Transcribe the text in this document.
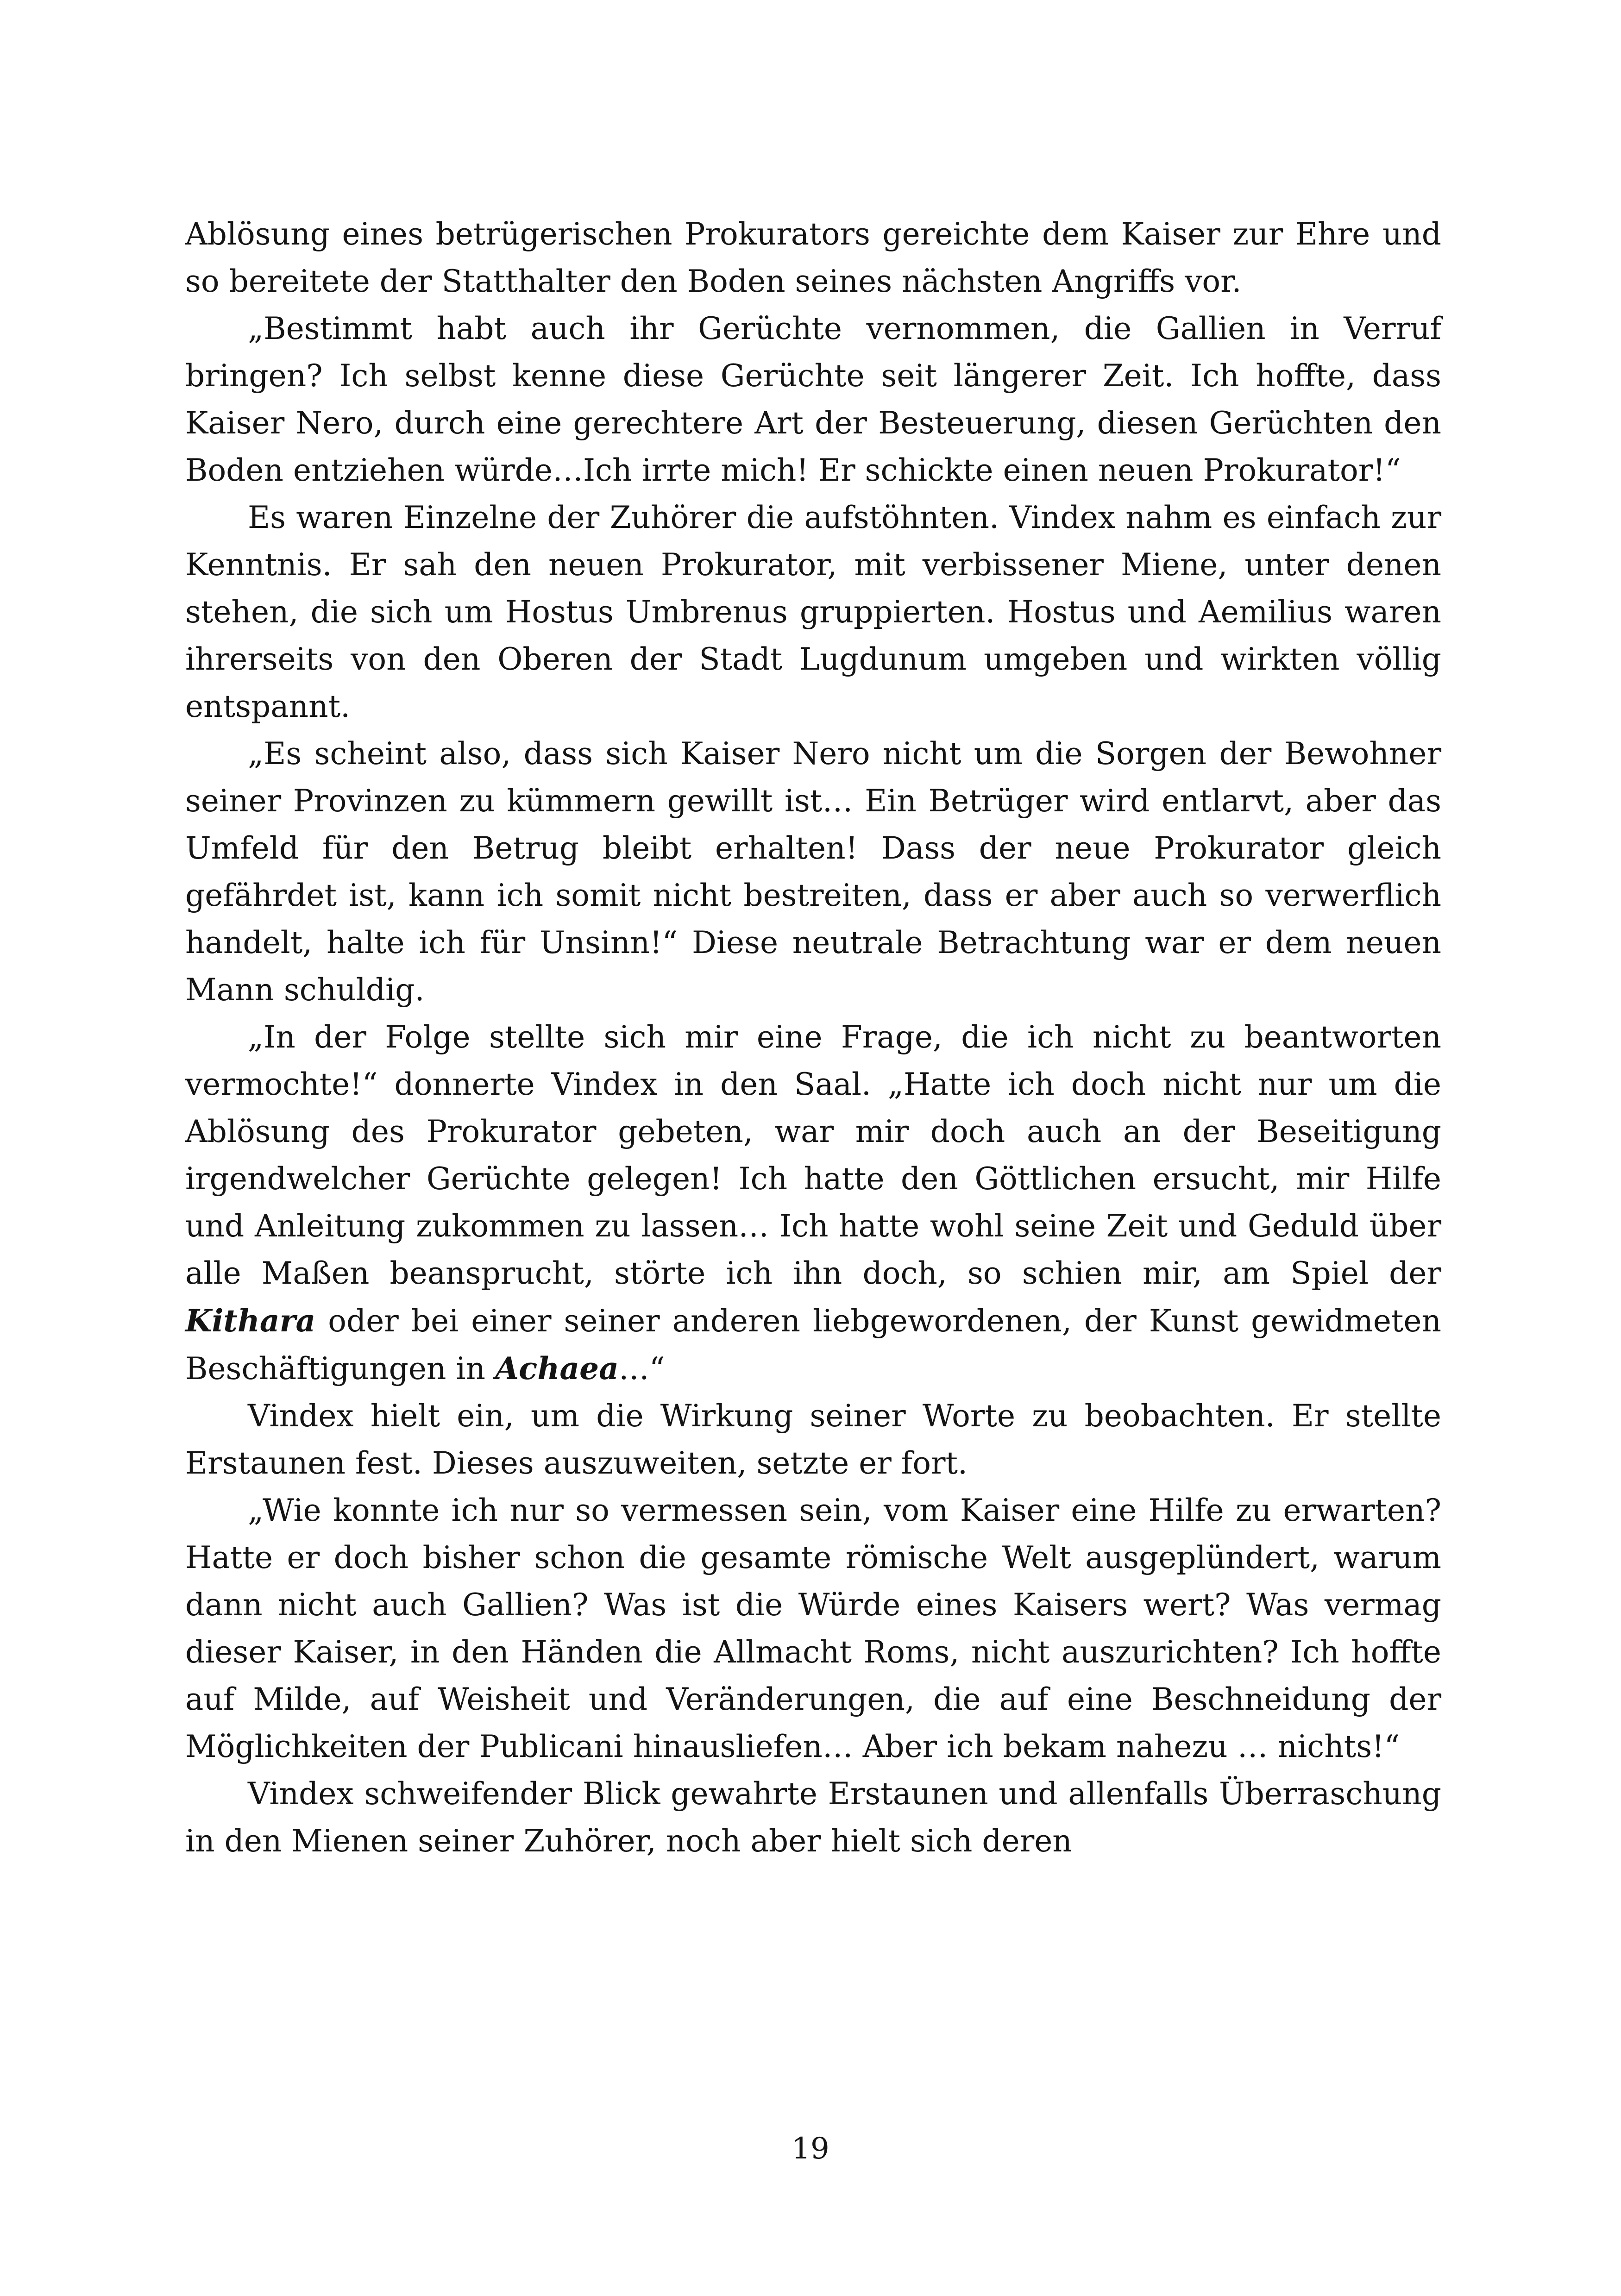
Ablösung eines betrügerischen Prokurators gereichte dem Kaiser zur Ehre und so bereitete der Statthalter den Boden seines nächsten Angriffs vor.

„Bestimmt habt auch ihr Gerüchte vernommen, die Gallien in Verruf bringen? Ich selbst kenne diese Gerüchte seit längerer Zeit. Ich hoffte, dass Kaiser Nero, durch eine gerechtere Art der Besteuerung, diesen Gerüchten den Boden entziehen würde…Ich irrte mich! Er schickte einen neuen Prokurator!“

Es waren Einzelne der Zuhörer die aufstöhnten. Vindex nahm es einfach zur Kenntnis. Er sah den neuen Prokurator, mit verbissener Miene, unter denen stehen, die sich um Hostus Umbrenus gruppierten. Hostus und Aemilius waren ihrerseits von den Oberen der Stadt Lugdunum umgeben und wirkten völlig entspannt.

„Es scheint also, dass sich Kaiser Nero nicht um die Sorgen der Bewohner seiner Provinzen zu kümmern gewillt ist… Ein Betrüger wird entlarvt, aber das Umfeld für den Betrug bleibt erhalten! Dass der neue Prokurator gleich gefährdet ist, kann ich somit nicht bestreiten, dass er aber auch so verwerflich handelt, halte ich für Unsinn!“ Diese neutrale Betrachtung war er dem neuen Mann schuldig.

„In der Folge stellte sich mir eine Frage, die ich nicht zu beantworten vermochte!“ donnerte Vindex in den Saal. „Hatte ich doch nicht nur um die Ablösung des Prokurator gebeten, war mir doch auch an der Beseitigung irgendwelcher Gerüchte gelegen! Ich hatte den Göttlichen ersucht, mir Hilfe und Anleitung zukommen zu lassen… Ich hatte wohl seine Zeit und Geduld über alle Maßen beansprucht, störte ich ihn doch, so schien mir, am Spiel der Kithara oder bei einer seiner anderen liebgewordenen, der Kunst gewidmeten Beschäftigungen in Achaea…“

Vindex hielt ein, um die Wirkung seiner Worte zu beobachten. Er stellte Erstaunen fest. Dieses auszuweiten, setzte er fort.

„Wie konnte ich nur so vermessen sein, vom Kaiser eine Hilfe zu erwarten? Hatte er doch bisher schon die gesamte römische Welt ausgeplündert, warum dann nicht auch Gallien? Was ist die Würde eines Kaisers wert? Was vermag dieser Kaiser, in den Händen die Allmacht Roms, nicht auszurichten? Ich hoffte auf Milde, auf Weisheit und Veränderungen, die auf eine Beschneidung der Möglichkeiten der Publicani hinausliefen… Aber ich bekam nahezu … nichts!“

Vindex schweifender Blick gewahrte Erstaunen und allenfalls Überraschung in den Mienen seiner Zuhörer, noch aber hielt sich deren

19
